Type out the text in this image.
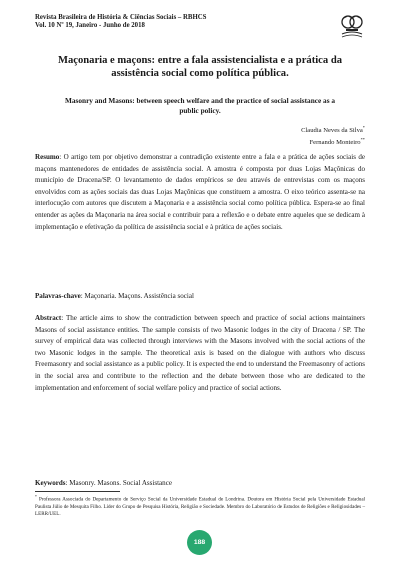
Revista Brasileira de História & Ciências Sociais – RBHCS
Vol. 10 Nº 19, Janeiro - Junho de 2018
Maçonaria e maçons: entre a fala assistencialista e a prática da assistência social como política pública.
Masonry and Masons: between speech welfare and the practice of social assistance as a public policy.
Claudia Neves da Silva*
Fernando Monteiro**
Resumo: O artigo tem por objetivo demonstrar a contradição existente entre a fala e a prática de ações sociais de maçons mantenedores de entidades de assistência social. A amostra é composta por duas Lojas Maçônicas do município de Dracena/SP. O levantamento de dados empíricos se deu através de entrevistas com os maçons envolvidos com as ações sociais das duas Lojas Maçônicas que constituem a amostra. O eixo teórico assenta-se na interlocução com autores que discutem a Maçonaria e a assistência social como política pública. Espera-se ao final entender as ações da Maçonaria na área social e contribuir para a reflexão e o debate entre aqueles que se dedicam à implementação e efetivação da política de assistência social e à prática de ações sociais.
Palavras-chave: Maçonaria. Maçons. Assistência social
Abstract: The article aims to show the contradiction between speech and practice of social actions maintainers Masons of social assistance entities. The sample consists of two Masonic lodges in the city of Dracena / SP. The survey of empirical data was collected through interviews with the Masons involved with the social actions of the two Masonic lodges in the sample. The theoretical axis is based on the dialogue with authors who discuss Freemasonry and social assistance as a public policy. It is expected the end to understand the Freemasonry of actions in the social area and contribute to the reflection and the debate between those who are dedicated to the implementation and enforcement of social welfare policy and practice of social actions.
Keywords: Masonry. Masons. Social Assistance
* Professora Associada do Departamento de Serviço Social da Universidade Estadual de Londrina. Doutora em História Social pela Universidade Estadual Paulista Júlio de Mesquita Filho. Líder do Grupo de Pesquisa História, Religião e Sociedade. Membro do Laboratório de Estudos de Religiões e Religiosidades – LERR/UEL.
188
